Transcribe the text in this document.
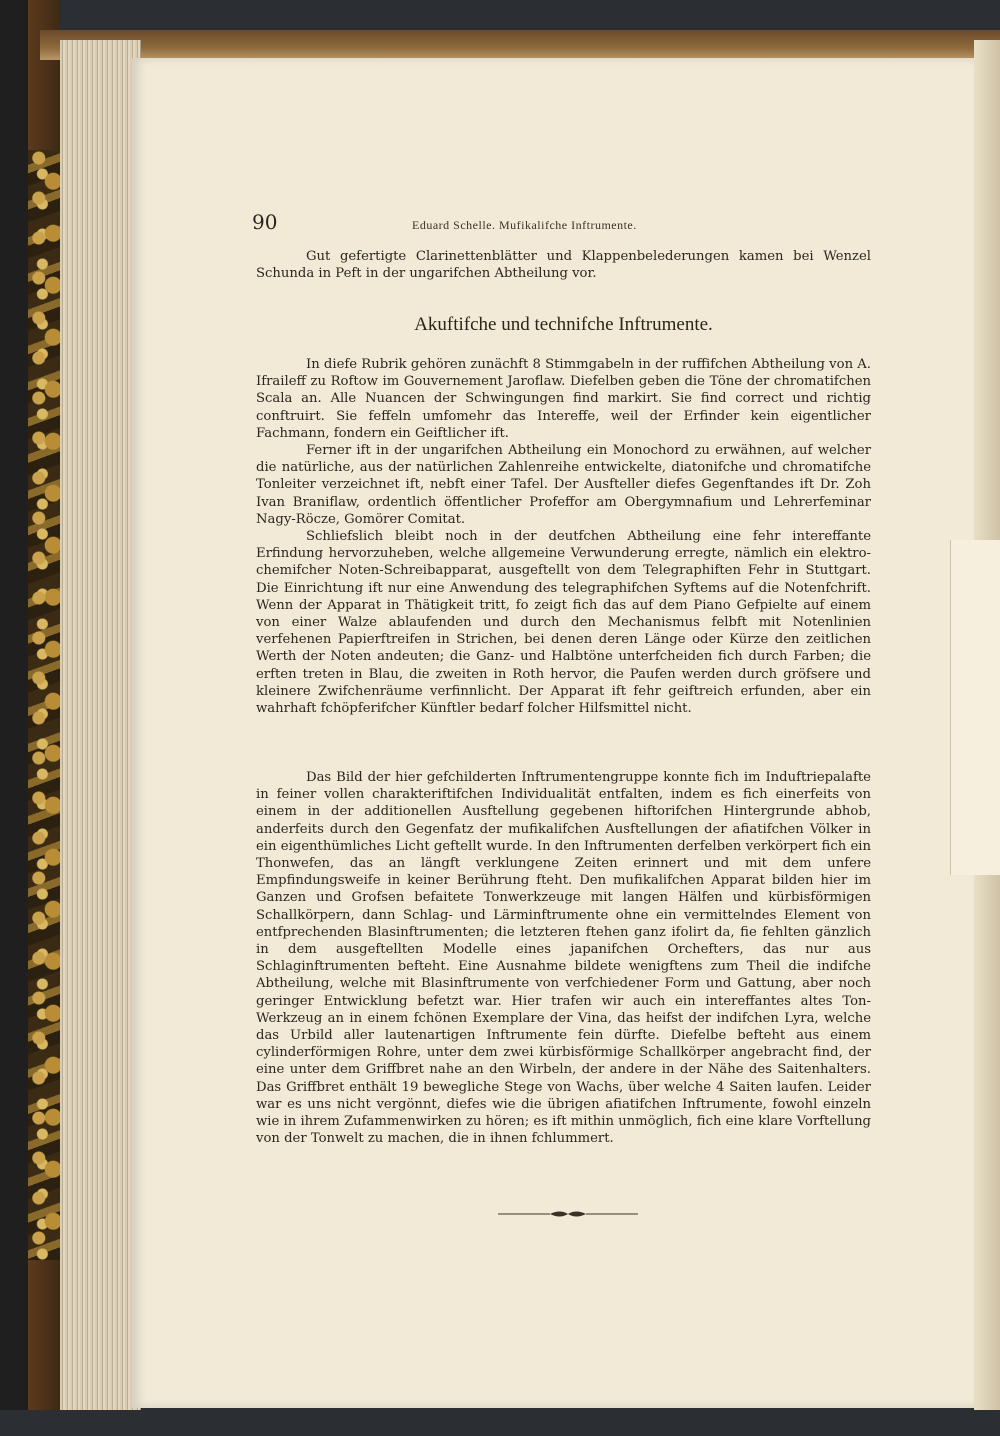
90	Eduard Schelle. Mufikalifche Inftrumente.

Gut gefertigte Clarinettenblätter und Klappenbelederungen kamen bei Wenzel Schunda in Peft in der ungarifchen Abtheilung vor.

Akuftifche und technifche Inftrumente.

In diefe Rubrik gehören zunächft 8 Stimmgabeln in der ruffifchen Abtheilung von A. Ifraileff zu Roftow im Gouvernement Jaroflaw. Diefelben geben die Töne der chromatifchen Scala an. Alle Nuancen der Schwingungen find markirt. Sie find correct und richtig conftruirt. Sie feffeln umfomehr das Intereffe, weil der Erfinder kein eigentlicher Fachmann, fondern ein Geiftlicher ift.

Ferner ift in der ungarifchen Abtheilung ein Monochord zu erwähnen, auf welcher die natürliche, aus der natürlichen Zahlenreihe entwickelte, diatonifche und chromatifche Tonleiter verzeichnet ift, nebft einer Tafel. Der Ausfteller diefes Gegenftandes ift Dr. Zoh Ivan Braniflaw, ordentlich öffentlicher Profeffor am Obergymnafium und Lehrerfeminar Nagy-Röcze, Gomörer Comitat.

Schliefslich bleibt noch in der deutfchen Abtheilung eine fehr intereffante Erfindung hervorzuheben, welche allgemeine Verwunderung erregte, nämlich ein elektro-chemifcher Noten-Schreibapparat, ausgeftellt von dem Telegraphiften Fehr in Stuttgart. Die Einrichtung ift nur eine Anwendung des telegraphifchen Syftems auf die Notenfchrift. Wenn der Apparat in Thätigkeit tritt, fo zeigt fich das auf dem Piano Gefpielte auf einem von einer Walze ablaufenden und durch den Mechanismus felbft mit Notenlinien verfehenen Papierftreifen in Strichen, bei denen deren Länge oder Kürze den zeitlichen Werth der Noten andeuten; die Ganz- und Halbtöne unterfcheiden fich durch Farben; die erften treten in Blau, die zweiten in Roth hervor, die Paufen werden durch gröfsere und kleinere Zwifchenräume verfinnlicht. Der Apparat ift fehr geiftreich erfunden, aber ein wahrhaft fchöpferifcher Künftler bedarf folcher Hilfsmittel nicht.

Das Bild der hier gefchilderten Inftrumentengruppe konnte fich im Induftriepalafte in feiner vollen charakteriftifchen Individualität entfalten, indem es fich einerfeits von einem in der additionellen Ausftellung gegebenen hiftorifchen Hintergrunde abhob, anderfeits durch den Gegenfatz der mufikalifchen Ausftellungen der afiatifchen Völker in ein eigenthümliches Licht geftellt wurde. In den Inftrumenten derfelben verkörpert fich ein Thonwefen, das an längft verklungene Zeiten erinnert und mit dem unfere Empfindungsweife in keiner Berührung fteht. Den mufikalifchen Apparat bilden hier im Ganzen und Grofsen befaitete Tonwerkzeuge mit langen Hälfen und kürbisförmigen Schallkörpern, dann Schlag- und Lärminftrumente ohne ein vermittelndes Element von entfprechenden Blasinftrumenten; die letzteren ftehen ganz ifolirt da, fie fehlten gänzlich in dem ausgeftellten Modelle eines japanifchen Orchefters, das nur aus Schlaginftrumenten befteht. Eine Ausnahme bildete wenigftens zum Theil die indifche Abtheilung, welche mit Blasinftrumente von verfchiedener Form und Gattung, aber noch geringer Entwicklung befetzt war. Hier trafen wir auch ein intereffantes altes Ton-Werkzeug an in einem fchönen Exemplare der Vina, das heifst der indifchen Lyra, welche das Urbild aller lautenartigen Inftrumente fein dürfte. Diefelbe befteht aus einem cylinderförmigen Rohre, unter dem zwei kürbisförmige Schallkörper angebracht find, der eine unter dem Griffbret nahe an den Wirbeln, der andere in der Nähe des Saitenhalters. Das Griffbret enthält 19 bewegliche Stege von Wachs, über welche 4 Saiten laufen. Leider war es uns nicht vergönnt, diefes wie die übrigen afiatifchen Inftrumente, fowohl einzeln wie in ihrem Zufammenwirken zu hören; es ift mithin unmöglich, fich eine klare Vorftellung von der Tonwelt zu machen, die in ihnen fchlummert.
